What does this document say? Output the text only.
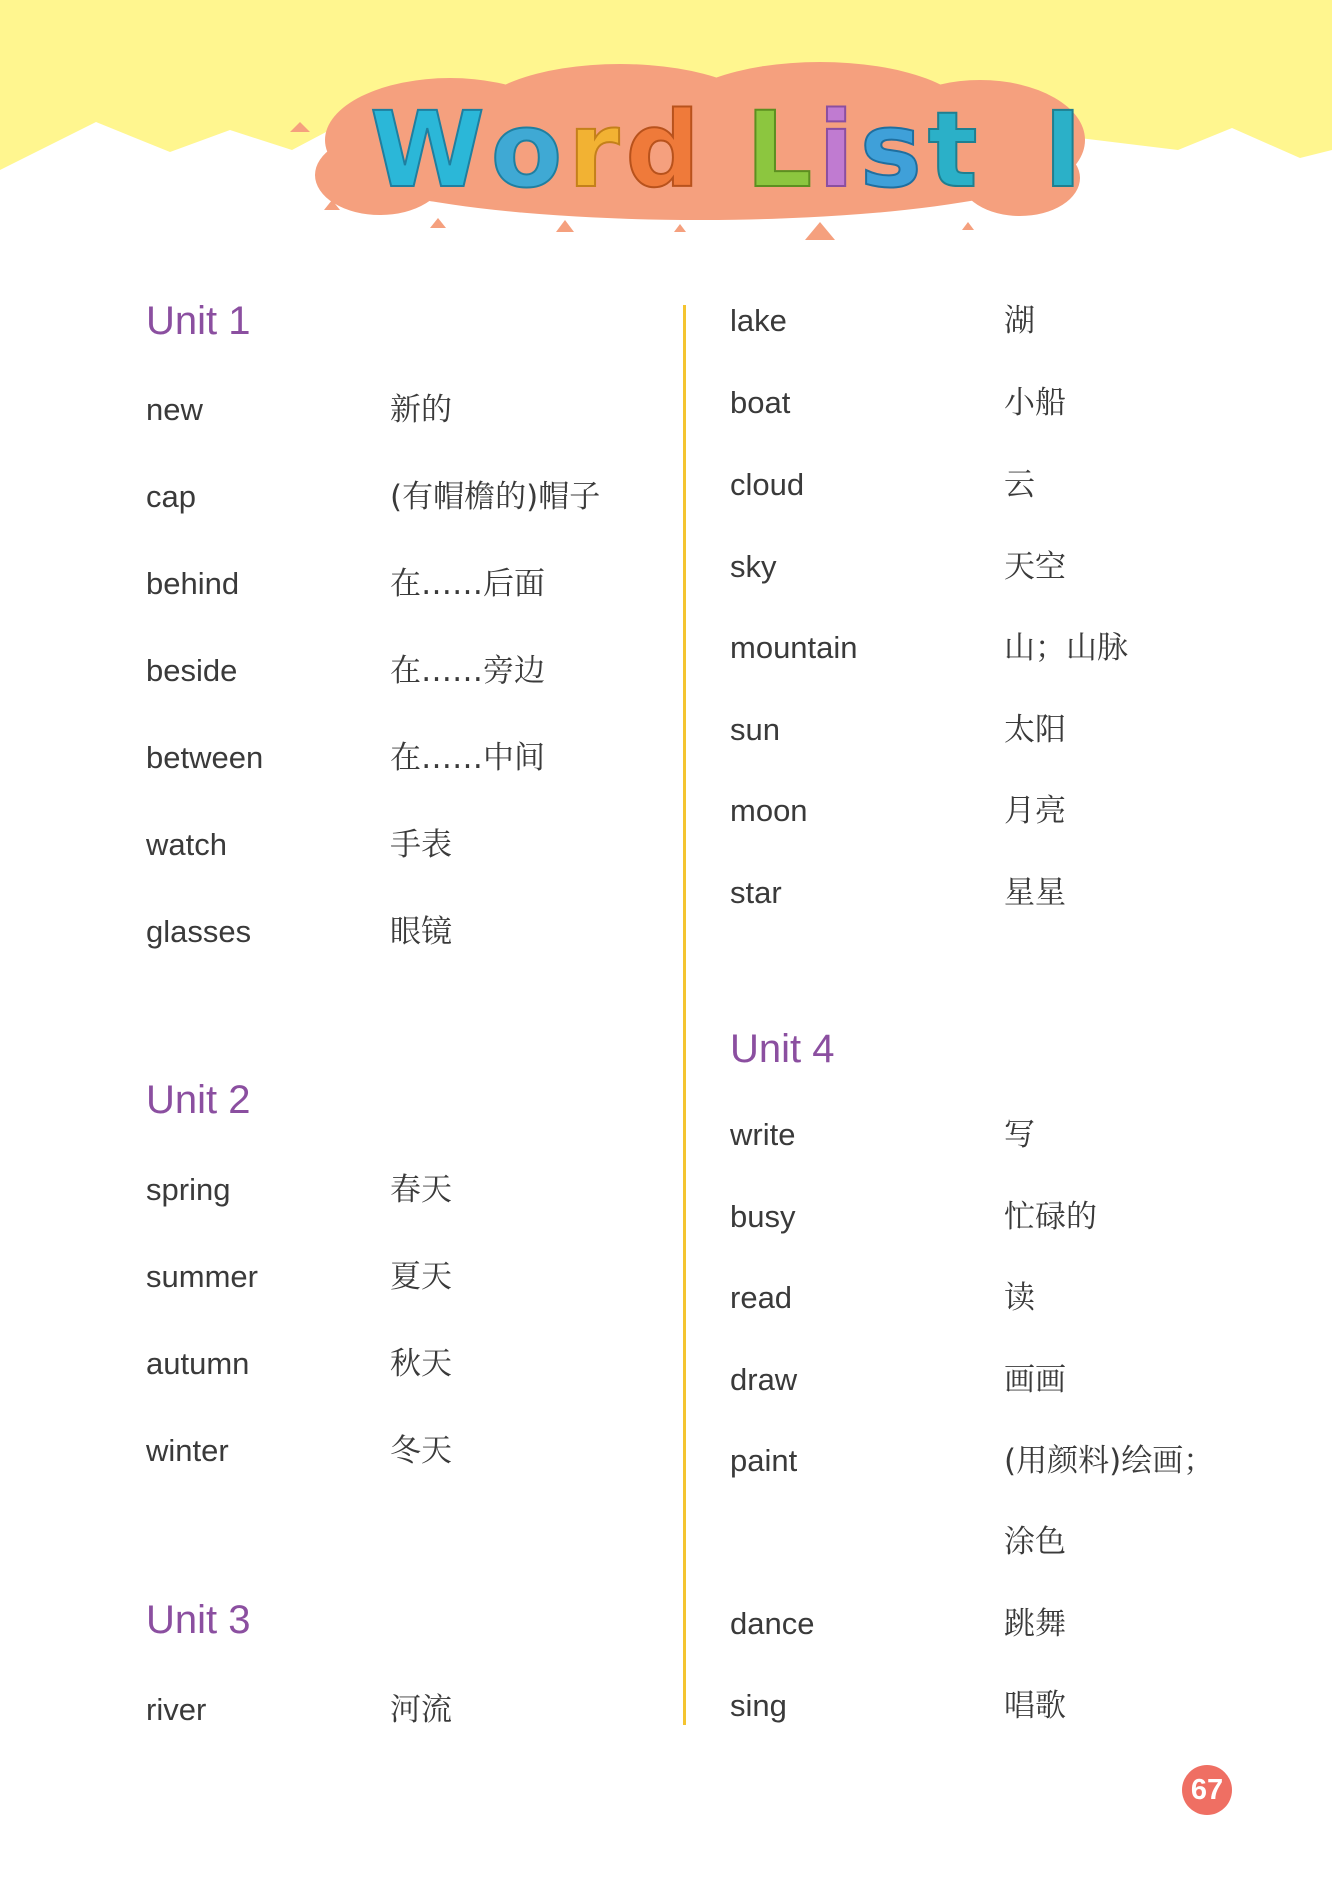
Word List I
Unit 1
new	新的
cap	(有帽檐的)帽子
behind	在……后面
beside	在……旁边
between	在……中间
watch	手表
glasses	眼镜
Unit 2
spring	春天
summer	夏天
autumn	秋天
winter	冬天
Unit 3
river	河流
lake	湖
boat	小船
cloud	云
sky	天空
mountain	山；山脉
sun	太阳
moon	月亮
star	星星
Unit 4
write	写
busy	忙碌的
read	读
draw	画画
paint	(用颜料)绘画；
涂色
dance	跳舞
sing	唱歌
67
